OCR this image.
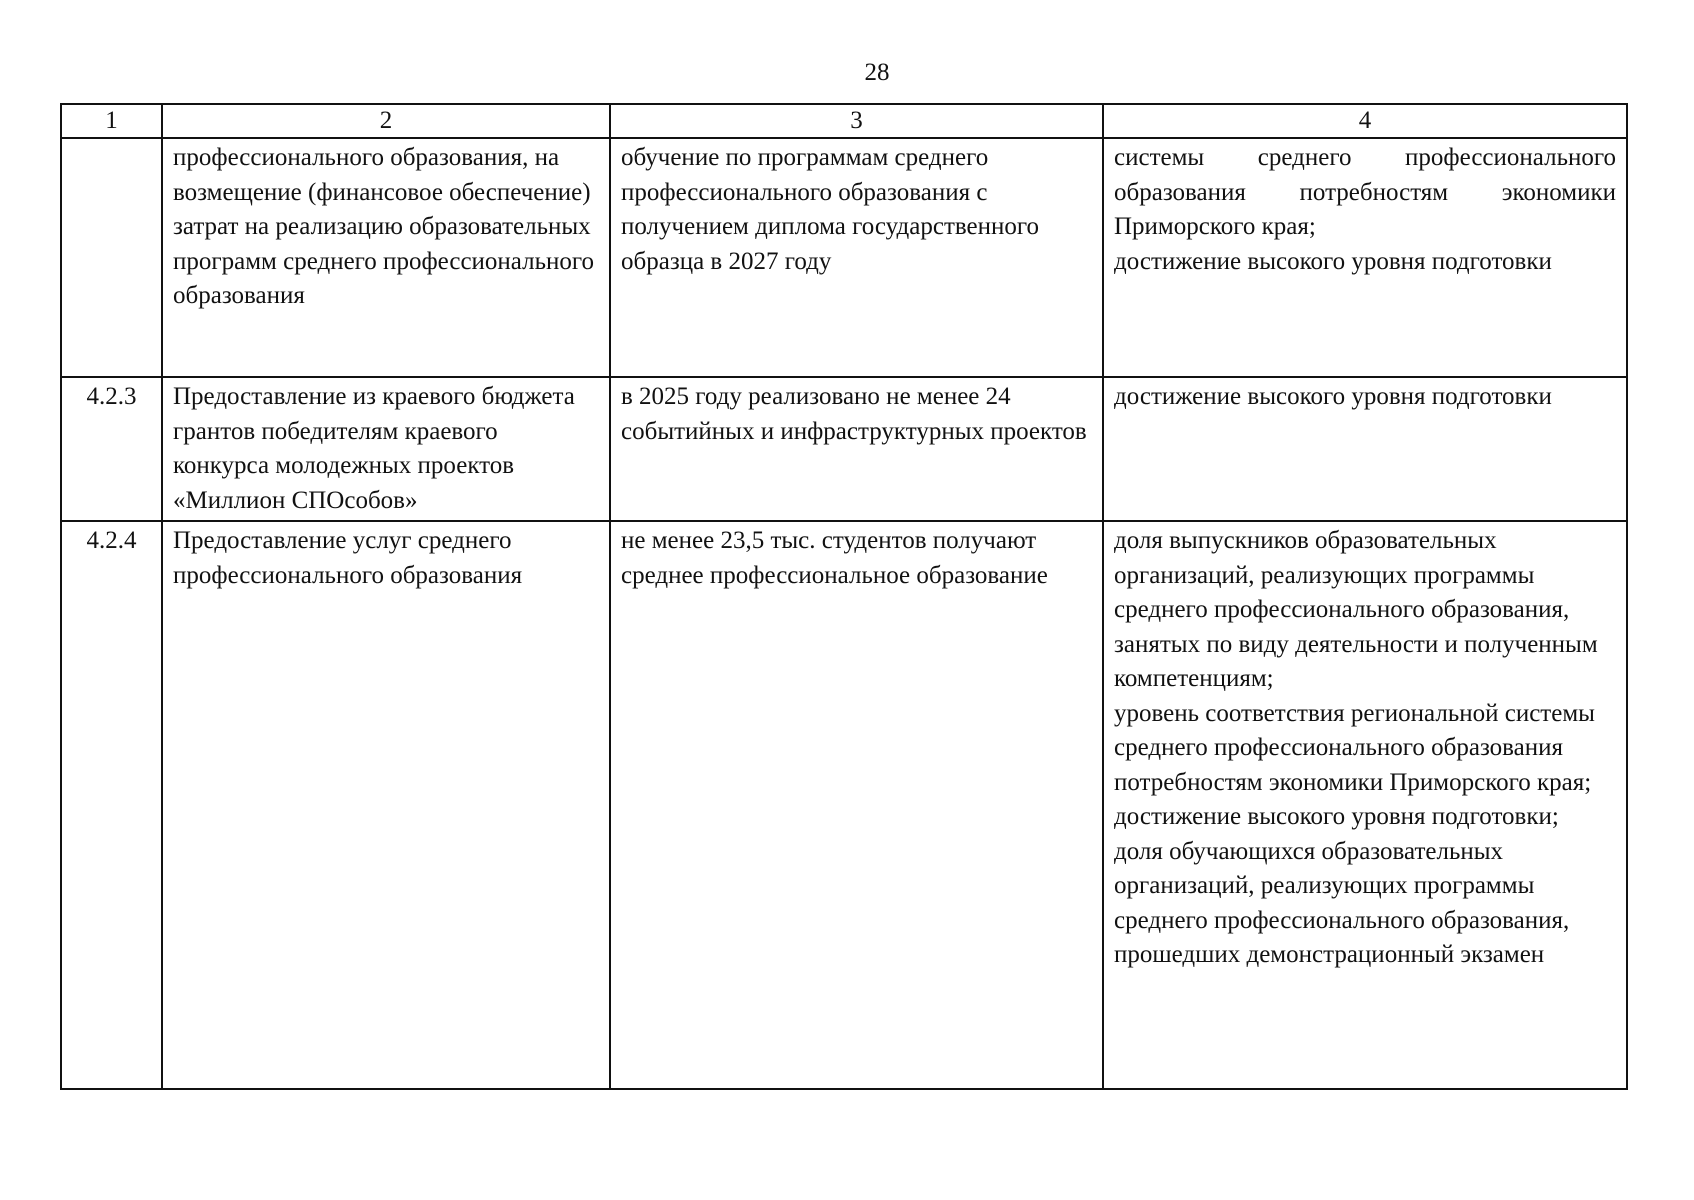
28
1	2	3	4
	профессионального образования, на возмещение (финансовое обеспечение) затрат на реализацию образовательных программ среднего профессионального образования	обучение по программам среднего профессионального образования с получением диплома государственного образца в 2027 году	системы среднего профессионального образования потребностям экономики Приморского края;
достижение высокого уровня подготовки

4.2.3	Предоставление из краевого бюджета грантов победителям краевого конкурса молодежных проектов «Миллион СПОсобов»	в 2025 году реализовано не менее 24 событийных и инфраструктурных проектов	достижение высокого уровня подготовки

4.2.4	Предоставление услуг среднего профессионального образования	не менее 23,5 тыс. студентов получают среднее профессиональное образование	доля выпускников образовательных организаций, реализующих программы среднего профессионального образования, занятых по виду деятельности и полученным компетенциям;
уровень соответствия региональной системы среднего профессионального образования потребностям экономики Приморского края;
достижение высокого уровня подготовки;
доля обучающихся образовательных организаций, реализующих программы среднего профессионального образования, прошедших демонстрационный экзамен
